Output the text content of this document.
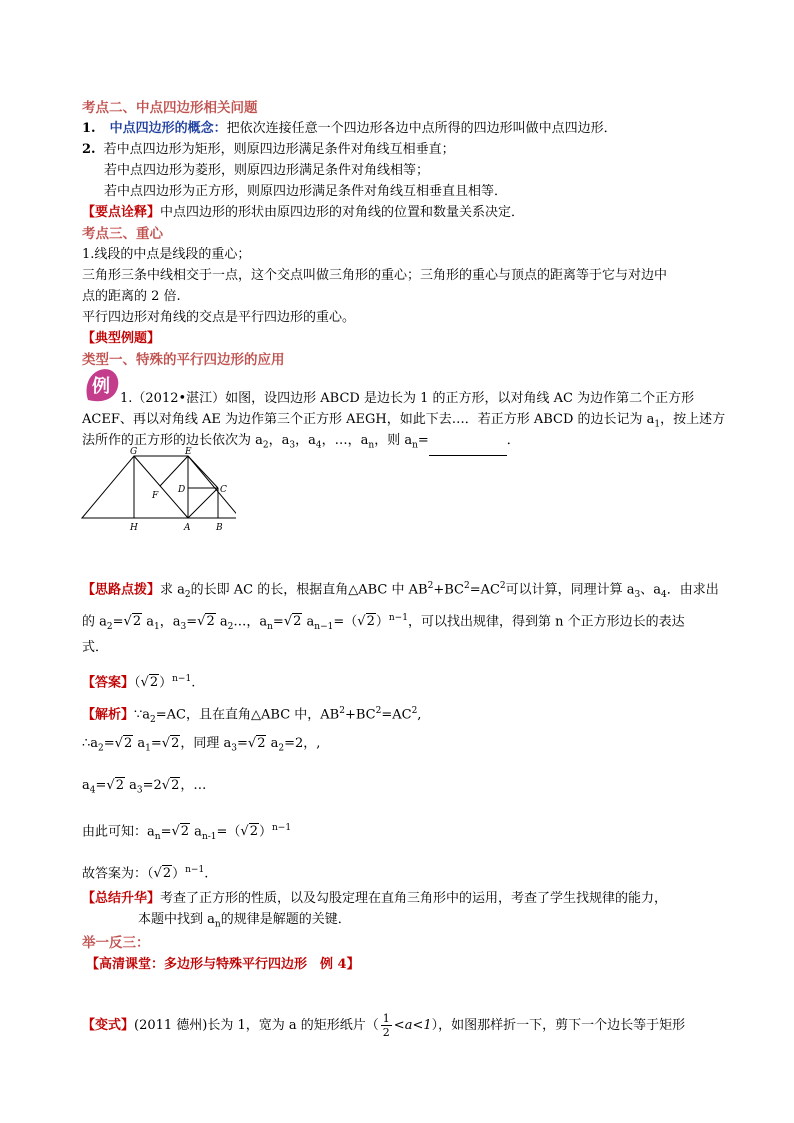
考点二、中点四边形相关问题
1. 中点四边形的概念：把依次连接任意一个四边形各边中点所得的四边形叫做中点四边形．
2. 若中点四边形为矩形，则原四边形满足条件对角线互相垂直；
若中点四边形为菱形，则原四边形满足条件对角线相等；
若中点四边形为正方形，则原四边形满足条件对角线互相垂直且相等．
【要点诠释】中点四边形的形状由原四边形的对角线的位置和数量关系决定．
考点三、重心
1.线段的中点是线段的重心；
三角形三条中线相交于一点，这个交点叫做三角形的重心；三角形的重心与顶点的距离等于它与对边中
点的距离的 2 倍.
平行四边形对角线的交点是平行四边形的重心。
【典型例题】
类型一、特殊的平行四边形的应用
例
1.（2012•湛江）如图，设四边形 ABCD 是边长为 1 的正方形，以对角线 AC 为边作第二个正方形
ACEF、再以对角线 AE 为边作第三个正方形 AEGH，如此下去…．若正方形 ABCD 的边长记为 $a_1$，按上述方
法所作的正方形的边长依次为 $a_2$，$a_3$，$a_4$，…，$a_n$，则 $a_n=$	．
G	E
D	C
F
H	A	B
【思路点拨】求 $a_2$的长即 AC 的长，根据直角△ABC 中 $AB^2+BC^2=AC^2$可以计算，同理计算 $a_3$、$a_4$．由求出
的 $a_2=√2$ $a_1$，$a_3=√2$ $a_2\dots$，$a_n=√2$ $a_{n-1}=(√2)^{n-1}$，可以找出规律，得到第 n 个正方形边长的表达
式．
【答案】$(√2)^{n-1}$.
【解析】$\because a_2=AC$，且在直角△ABC 中，$AB^2+BC^2=AC^2$,
$\therefore a_2=√2$ $a_1=√2$，同理 $a_3=√2$ $a_2=2$，,
$a_4=√2$ $a_3=2√2$，…
由此可知：$a_n=√2$ $a_{n-1}=(√2)^{n-1}$
故答案为：$(√2)^{n-1}$.
【总结升华】考查了正方形的性质，以及勾股定理在直角三角形中的运用，考查了学生找规律的能力，
本题中找到 $a_n$的规律是解题的关键．
举一反三：
【高清课堂：多边形与特殊平行四边形　例 4】
【变式】(2011 德州)长为 1，宽为 a 的矩形纸片（ $\frac{1}{2} <a<1$），如图那样折一下，剪下一个边长等于矩形
